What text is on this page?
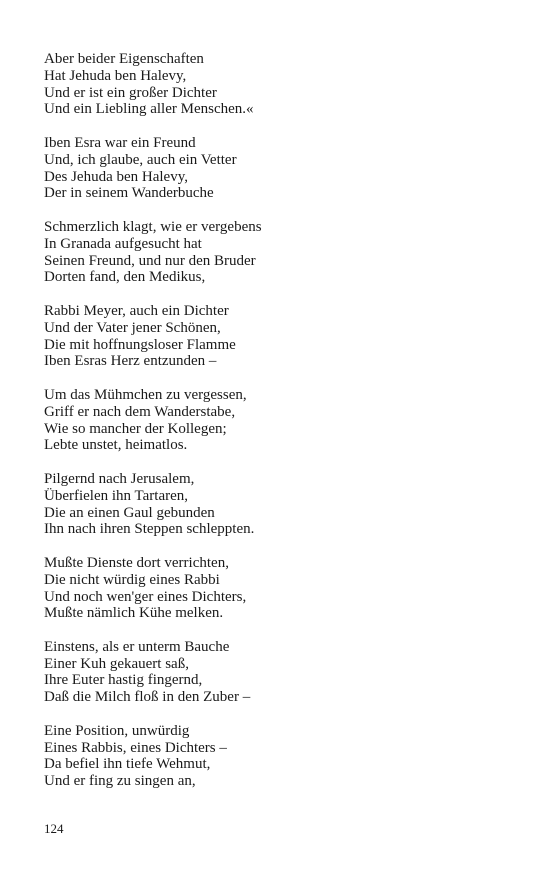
Aber beider Eigenschaften
Hat Jehuda ben Halevy,
Und er ist ein großer Dichter
Und ein Liebling aller Menschen.«
Iben Esra war ein Freund
Und, ich glaube, auch ein Vetter
Des Jehuda ben Halevy,
Der in seinem Wanderbuche
Schmerzlich klagt, wie er vergebens
In Granada aufgesucht hat
Seinen Freund, und nur den Bruder
Dorten fand, den Medikus,
Rabbi Meyer, auch ein Dichter
Und der Vater jener Schönen,
Die mit hoffnungsloser Flamme
Iben Esras Herz entzunden –
Um das Mühmchen zu vergessen,
Griff er nach dem Wanderstabe,
Wie so mancher der Kollegen;
Lebte unstet, heimatlos.
Pilgernd nach Jerusalem,
Überfielen ihn Tartaren,
Die an einen Gaul gebunden
Ihn nach ihren Steppen schleppten.
Mußte Dienste dort verrichten,
Die nicht würdig eines Rabbi
Und noch wen'ger eines Dichters,
Mußte nämlich Kühe melken.
Einstens, als er unterm Bauche
Einer Kuh gekauert saß,
Ihre Euter hastig fingernd,
Daß die Milch floß in den Zuber –
Eine Position, unwürdig
Eines Rabbis, eines Dichters –
Da befiel ihn tiefe Wehmut,
Und er fing zu singen an,
124
